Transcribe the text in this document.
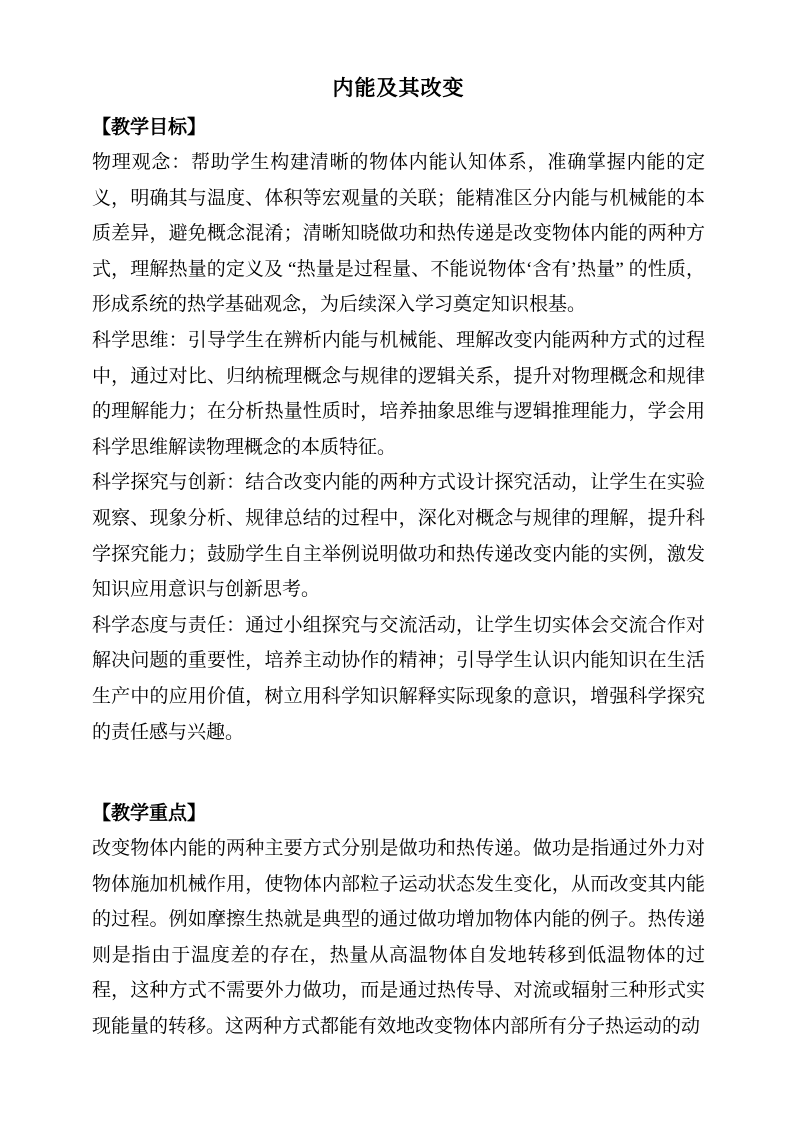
内能及其改变
【教学目标】

物理观念：帮助学生构建清晰的物体内能认知体系，准确掌握内能的定义，明确其与温度、体积等宏观量的关联；能精准区分内能与机械能的本质差异，避免概念混淆；清晰知晓做功和热传递是改变物体内能的两种方式，理解热量的定义及 “热量是过程量、不能说物体‘含有’热量” 的性质，形成系统的热学基础观念，为后续深入学习奠定知识根基。

科学思维：引导学生在辨析内能与机械能、理解改变内能两种方式的过程中，通过对比、归纳梳理概念与规律的逻辑关系，提升对物理概念和规律的理解能力；在分析热量性质时，培养抽象思维与逻辑推理能力，学会用科学思维解读物理概念的本质特征。

科学探究与创新：结合改变内能的两种方式设计探究活动，让学生在实验观察、现象分析、规律总结的过程中，深化对概念与规律的理解，提升科学探究能力；鼓励学生自主举例说明做功和热传递改变内能的实例，激发知识应用意识与创新思考。

科学态度与责任：通过小组探究与交流活动，让学生切实体会交流合作对解决问题的重要性，培养主动协作的精神；引导学生认识内能知识在生活生产中的应用价值，树立用科学知识解释实际现象的意识，增强科学探究的责任感与兴趣。

【教学重点】

改变物体内能的两种主要方式分别是做功和热传递。做功是指通过外力对物体施加机械作用，使物体内部粒子运动状态发生变化，从而改变其内能的过程。例如摩擦生热就是典型的通过做功增加物体内能的例子。热传递则是指由于温度差的存在，热量从高温物体自发地转移到低温物体的过程，这种方式不需要外力做功，而是通过热传导、对流或辐射三种形式实现能量的转移。这两种方式都能有效地改变物体内部所有分子热运动的动
